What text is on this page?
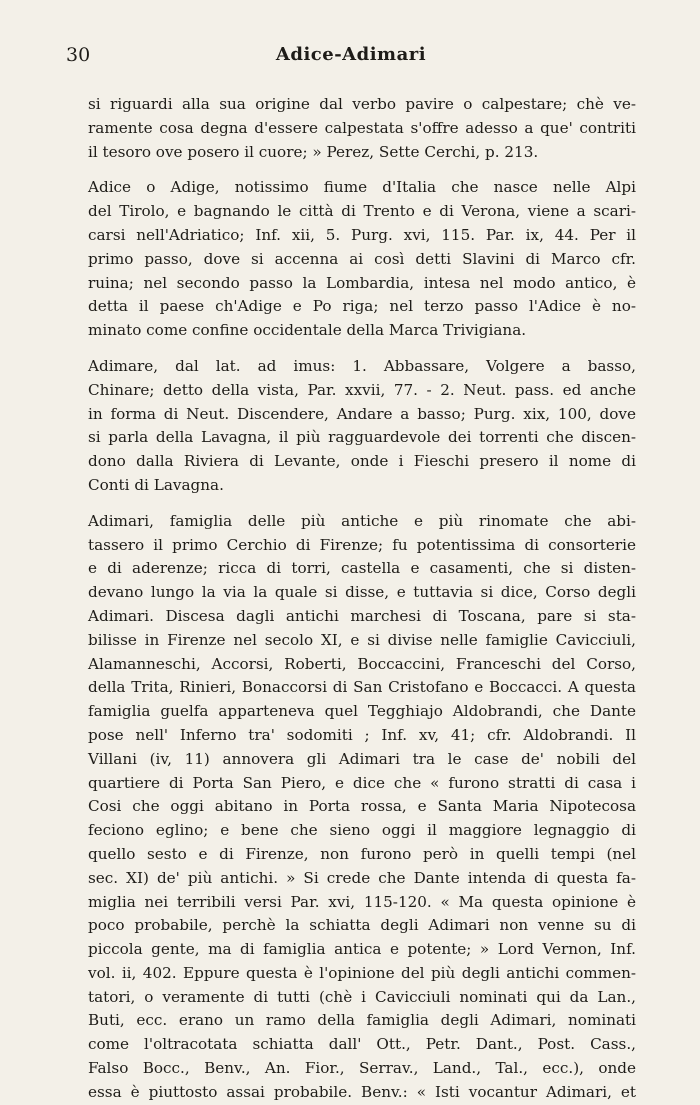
30	Adice-Adimari
si riguardi alla sua origine dal verbo pavire o calpestare; chè ve-
ramente cosa degna d'essere calpestata s'offre adesso a que' contriti
il tesoro ove posero il cuore; » Perez, Sette Cerchi, p. 213.
Adice o Adige, notissimo fiume d'Italia che nasce nelle Alpi
del Tirolo, e bagnando le città di Trento e di Verona, viene a scari-
carsi nell'Adriatico; Inf. xii, 5. Purg. xvi, 115. Par. ix, 44. Per il
primo passo, dove si accenna ai così detti Slavini di Marco cfr.
ruina; nel secondo passo la Lombardia, intesa nel modo antico, è
detta il paese ch'Adige e Po riga; nel terzo passo l'Adice è no-
minato come confine occidentale della Marca Trivigiana.
Adimare, dal lat. ad imus: 1. Abbassare, Volgere a basso,
Chinare; detto della vista, Par. xxvii, 77. - 2. Neut. pass. ed anche
in forma di Neut. Discendere, Andare a basso; Purg. xix, 100, dove
si parla della Lavagna, il più ragguardevole dei torrenti che discen-
dono dalla Riviera di Levante, onde i Fieschi presero il nome di
Conti di Lavagna.
Adimari, famiglia delle più antiche e più rinomate che abi-
tassero il primo Cerchio di Firenze; fu potentissima di consorterie
e di aderenze; ricca di torri, castella e casamenti, che si disten-
devano lungo la via la quale si disse, e tuttavia si dice, Corso degli
Adimari. Discesa dagli antichi marchesi di Toscana, pare si sta-
bilisse in Firenze nel secolo XI, e si divise nelle famiglie Cavicciuli,
Alamanneschi, Accorsi, Roberti, Boccaccini, Franceschi del Corso,
della Trita, Rinieri, Bonaccorsi di San Cristofano e Boccacci. A questa
famiglia guelfa apparteneva quel Tegghiajo Aldobrandi, che Dante
pose nell' Inferno tra' sodomiti ; Inf. xv, 41; cfr. Aldobrandi. Il
Villani (iv, 11) annovera gli Adimari tra le case de' nobili del
quartiere di Porta San Piero, e dice che « furono stratti di casa i
Cosi che oggi abitano in Porta rossa, e Santa Maria Nipotecosa
feciono eglino; e bene che sieno oggi il maggiore legnaggio di
quello sesto e di Firenze, non furono però in quelli tempi (nel
sec. XI) de' più antichi. » Si crede che Dante intenda di questa fa-
miglia nei terribili versi Par. xvi, 115-120. « Ma questa opinione è
poco probabile, perchè la schiatta degli Adimari non venne su di
piccola gente, ma di famiglia antica e potente; » Lord Vernon, Inf.
vol. ii, 402. Eppure questa è l'opinione del più degli antichi commen-
tatori, o veramente di tutti (chè i Cavicciuli nominati qui da Lan.,
Buti, ecc. erano un ramo della famiglia degli Adimari, nominati
come l'oltracotata schiatta dall' Ott., Petr. Dant., Post. Cass.,
Falso Bocc., Benv., An. Fior., Serrav., Land., Tal., ecc.), onde
essa è piuttosto assai probabile. Benv.: « Isti vocantur Adimari, et
